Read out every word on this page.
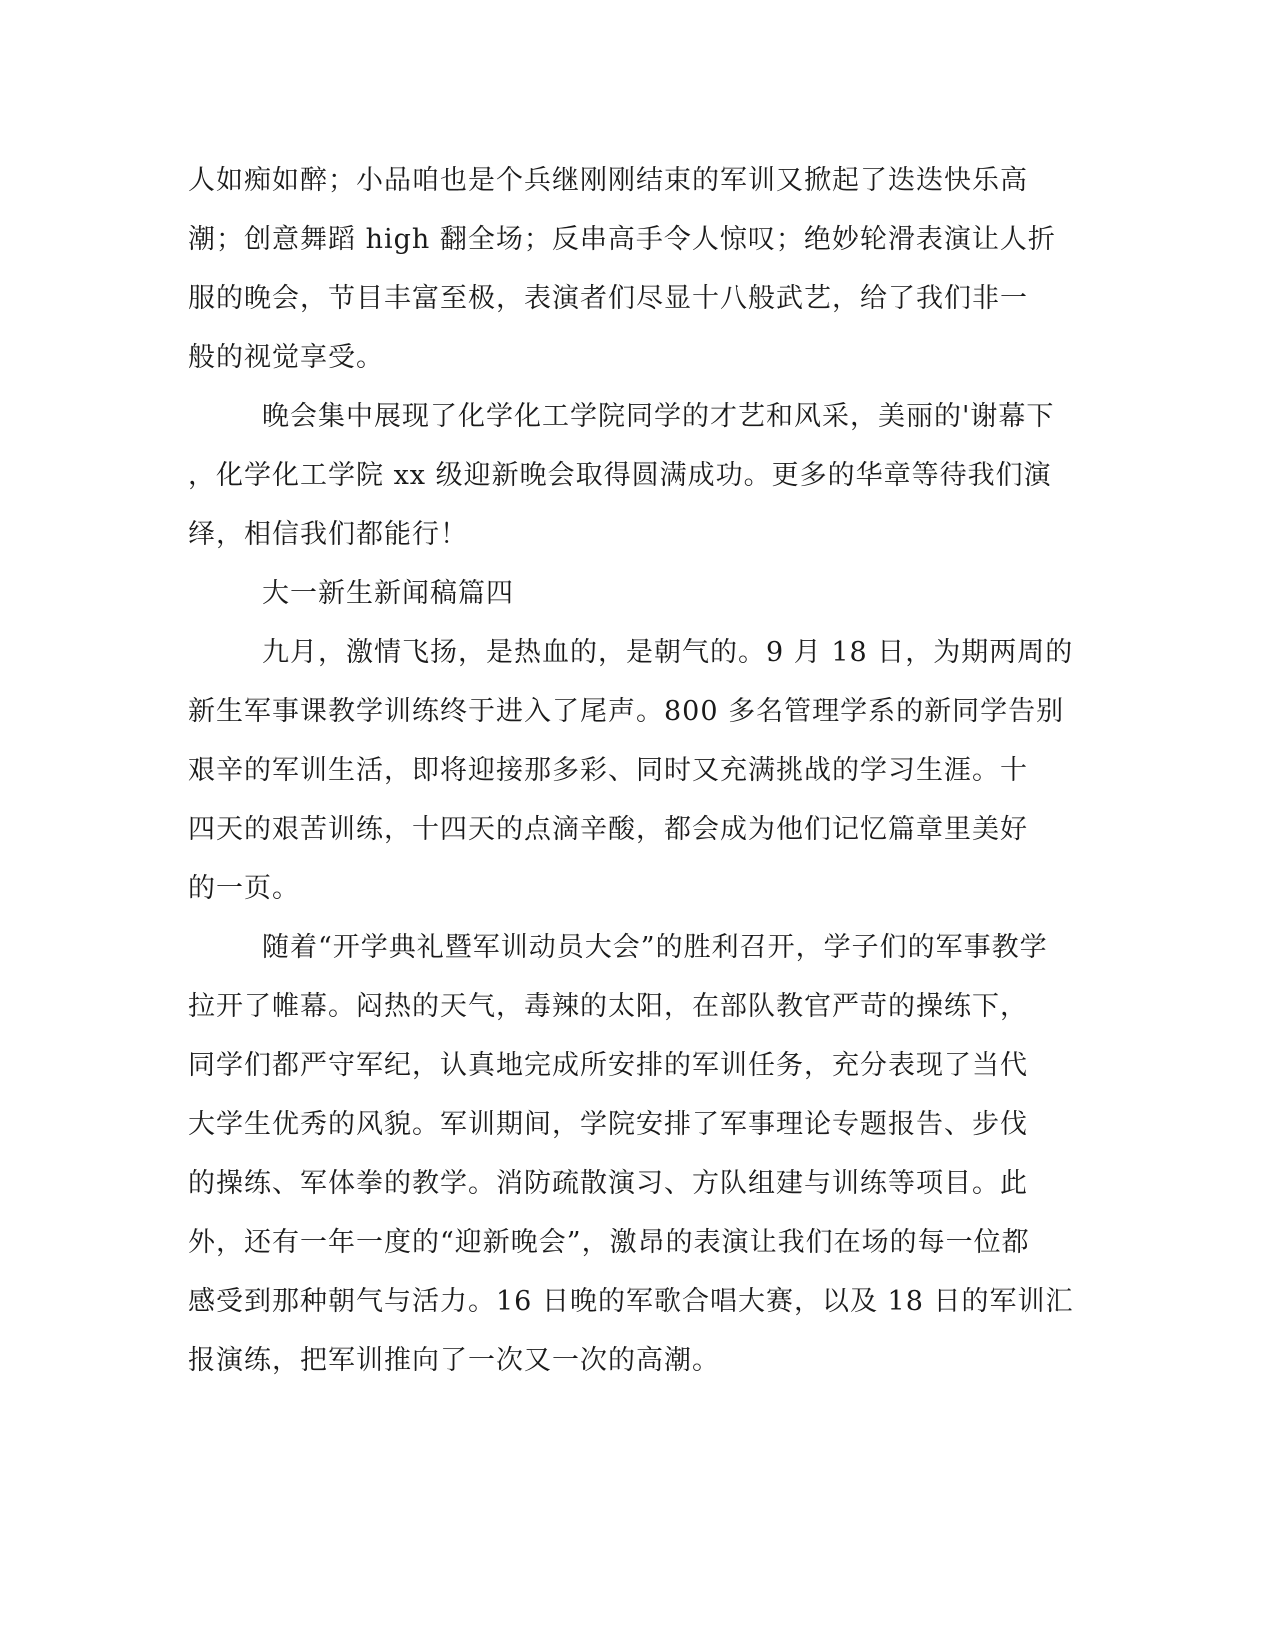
人如痴如醉；小品咱也是个兵继刚刚结束的军训又掀起了迭迭快乐高

潮；创意舞蹈 high 翻全场；反串高手令人惊叹；绝妙轮滑表演让人折

服的晚会，节目丰富至极，表演者们尽显十八般武艺，给了我们非一

般的视觉享受。

晚会集中展现了化学化工学院同学的才艺和风采，美丽的'谢幕下

，化学化工学院 xx 级迎新晚会取得圆满成功。更多的华章等待我们演

绎，相信我们都能行！

大一新生新闻稿篇四

九月，激情飞扬，是热血的，是朝气的。9 月 18 日，为期两周的

新生军事课教学训练终于进入了尾声。800 多名管理学系的新同学告别

艰辛的军训生活，即将迎接那多彩、同时又充满挑战的学习生涯。十

四天的艰苦训练，十四天的点滴辛酸，都会成为他们记忆篇章里美好

的一页。

随着“开学典礼暨军训动员大会”的胜利召开，学子们的军事教学

拉开了帷幕。闷热的天气，毒辣的太阳，在部队教官严苛的操练下，

同学们都严守军纪，认真地完成所安排的军训任务，充分表现了当代

大学生优秀的风貌。军训期间，学院安排了军事理论专题报告、步伐

的操练、军体拳的教学。消防疏散演习、方队组建与训练等项目。此

外，还有一年一度的“迎新晚会”，激昂的表演让我们在场的每一位都

感受到那种朝气与活力。16 日晚的军歌合唱大赛，以及 18 日的军训汇

报演练，把军训推向了一次又一次的高潮。
